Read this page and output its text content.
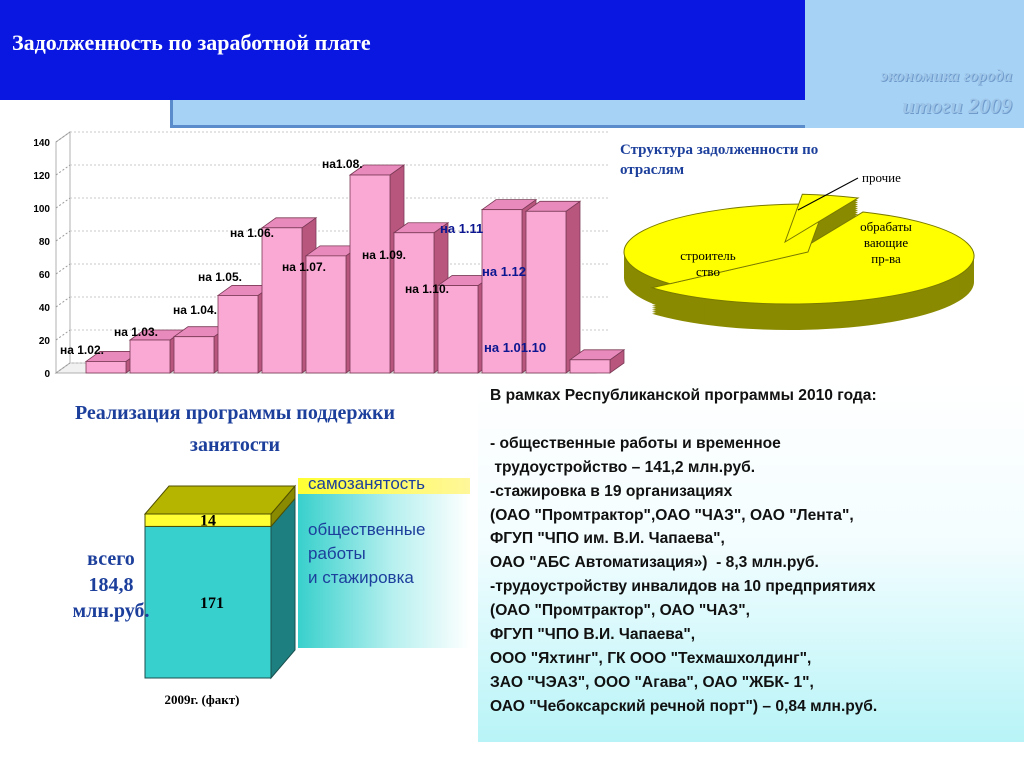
экономика города
итоги 2009
Задолженность по заработной плате
0
20
40
60
80
100
120
140
на 1.02.
на 1.03.
на 1.04.
на 1.05.
на 1.06.
на 1.07.
на1.08.
на 1.09.
на 1.10.
на 1.11
на 1.12
на 1.01.10
Структура задолженности по
отраслям
строитель ство
обрабаты вающие пр-ва
прочие
Реализация программы поддержки занятости
171
14
2009г. (факт)
самозанятость
общественные
работы
и стажировка
всего
184,8
млн.руб.

В рамках Республиканской программы 2010 года:

- общественные работы и временное
трудоустройство – 141,2 млн.руб.
-стажировка в 19 организациях
(ОАО "Промтрактор",ОАО "ЧАЗ", ОАО "Лента",
ФГУП "ЧПО им. В.И. Чапаева",
ОАО "АБС Автоматизация»)  - 8,3 млн.руб.
-трудоустройству инвалидов на 10 предприятиях
(ОАО "Промтрактор", ОАО "ЧАЗ",
ФГУП "ЧПО В.И. Чапаева",
ООО "Яхтинг", ГК ООО "Техмашхолдинг",
ЗАО "ЧЭАЗ", ООО "Агава", ОАО "ЖБК- 1",
ОАО "Чебоксарский речной порт") – 0,84 млн.руб.
